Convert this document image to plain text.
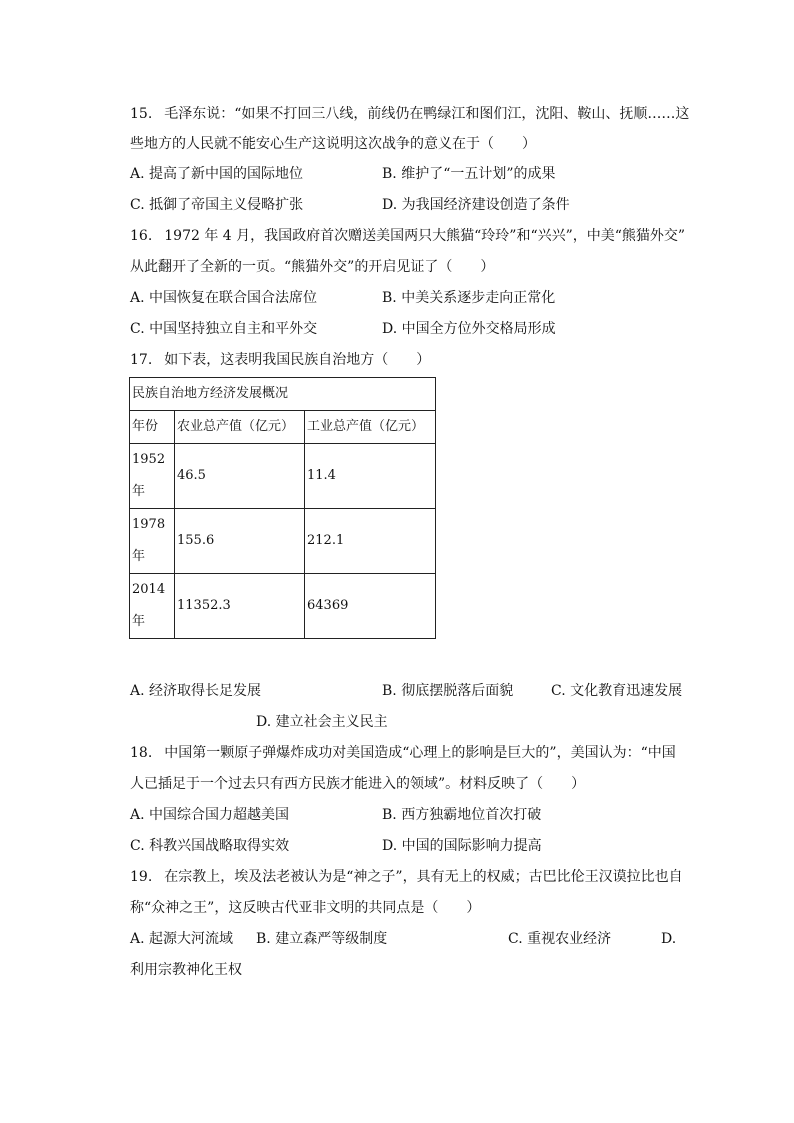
15. 毛泽东说：“如果不打回三八线，前线仍在鸭绿江和图们江，沈阳、鞍山、抚顺……这
些地方的人民就不能安心生产这说明这次战争的意义在于（　　）
A. 提高了新中国的国际地位	B. 维护了“一五计划”的成果
C. 抵御了帝国主义侵略扩张	D. 为我国经济建设创造了条件
16. 1972 年 4 月，我国政府首次赠送美国两只大熊猫“玲玲”和“兴兴”，中美“熊猫外交”
从此翻开了全新的一页。“熊猫外交”的开启见证了（　　）
A. 中国恢复在联合国合法席位	B. 中美关系逐步走向正常化
C. 中国坚持独立自主和平外交	D. 中国全方位外交格局形成
17. 如下表，这表明我国民族自治地方（　　）
民族自治地方经济发展概况		
年份	农业总产值（亿元）	工业总产值（亿元）

1952
年	46.5	11.4

1978
年	155.6	212.1

2014
年	11352.3	64369
A. 经济取得长足发展	B. 彻底摆脱落后面貌	C. 文化教育迅速发展
D. 建立社会主义民主
18. 中国第一颗原子弹爆炸成功对美国造成“心理上的影响是巨大的”，美国认为：“中国
人已插足于一个过去只有西方民族才能进入的领域”。材料反映了（　　）
A. 中国综合国力超越美国	B. 西方独霸地位首次打破
C. 科教兴国战略取得实效	D. 中国的国际影响力提高
19. 在宗教上，埃及法老被认为是“神之子”，具有无上的权威；古巴比伦王汉谟拉比也自
称“众神之王”，这反映古代亚非文明的共同点是（　　）
A. 起源大河流域 B. 建立森严等级制度	C. 重视农业经济	D.
利用宗教神化王权
